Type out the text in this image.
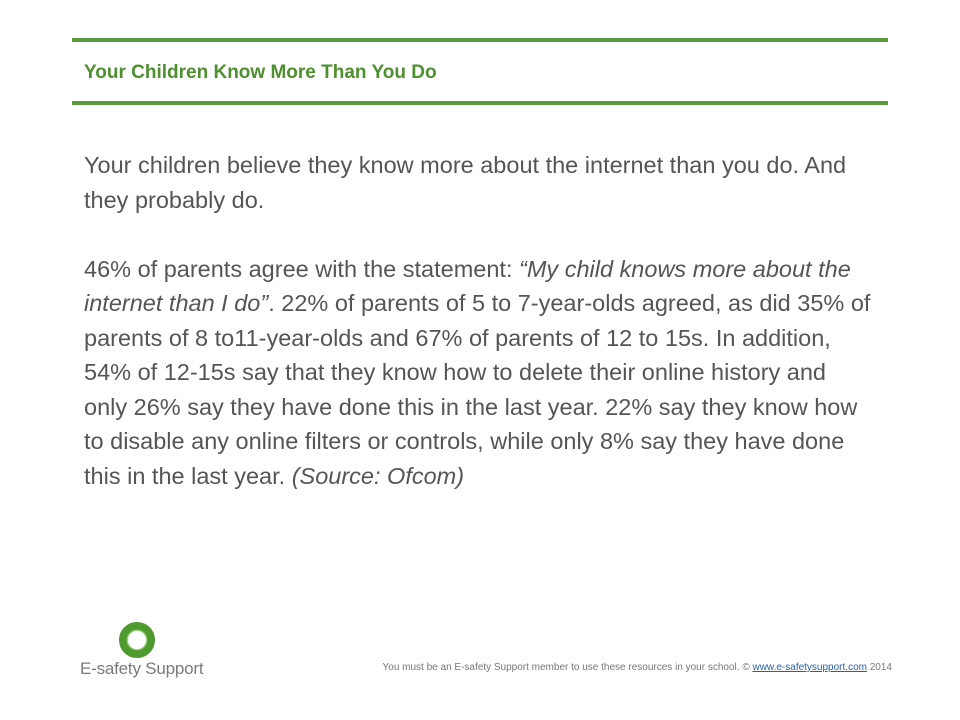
Your Children Know More Than You Do

Your children believe they know more about the internet than you do. And they probably do.

46% of parents agree with the statement: “My child knows more about the internet than I do”. 22% of parents of 5 to 7-year-olds agreed, as did 35% of parents of 8 to11-year-olds and 67% of parents of 12 to 15s. In addition, 54% of 12-15s say that they know how to delete their online history and only 26% say they have done this in the last year. 22% say they know how to disable any online filters or controls, while only 8% say they have done this in the last year. (Source: Ofcom)

E-safety Support	You must be an E-safety Support member to use these resources in your school. © www.e-safetysupport.com 2014
